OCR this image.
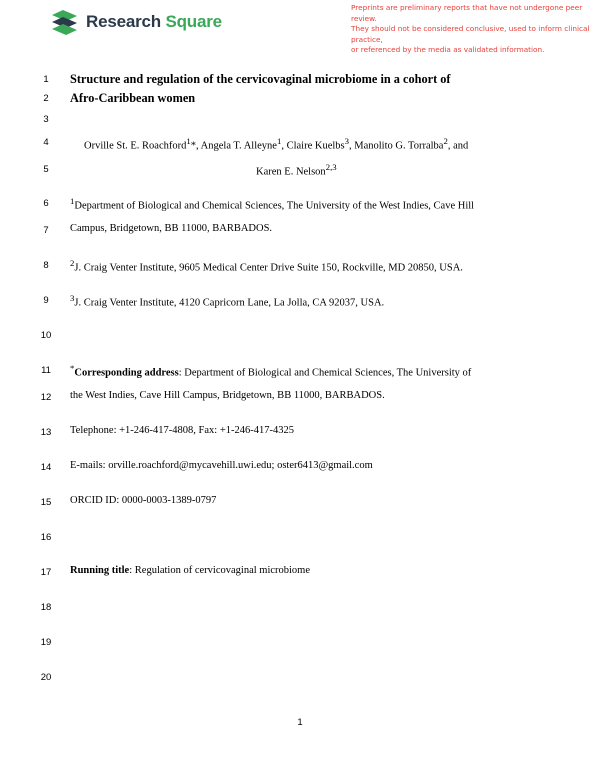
Research Square
Preprints are preliminary reports that have not undergone peer review.
They should not be considered conclusive, used to inform clinical practice,
or referenced by the media as validated information.
1
2
3
4
5
6
7
8
9
10
11
12
13
14
15
16
17
18
19
20
Structure and regulation of the cervicovaginal microbiome in a cohort of
Afro-Caribbean women
Orville St. E. Roachford$^1$*, Angela T. Alleyne$^1$, Claire Kuelbs$^3$, Manolito G. Torralba$^2$, and
Karen E. Nelson$^{2,3}$
$^1$Department of Biological and Chemical Sciences, The University of the West Indies, Cave Hill
Campus, Bridgetown, BB 11000, BARBADOS.
$^2$J. Craig Venter Institute, 9605 Medical Center Drive Suite 150, Rockville, MD 20850, USA.
$^3$J. Craig Venter Institute, 4120 Capricorn Lane, La Jolla, CA 92037, USA.
*Corresponding address: Department of Biological and Chemical Sciences, The University of
the West Indies, Cave Hill Campus, Bridgetown, BB 11000, BARBADOS.
Telephone: +1-246-417-4808, Fax: +1-246-417-4325
E-mails: orville.roachford@mycavehill.uwi.edu; oster6413@gmail.com
ORCID ID: 0000-0003-1389-0797
Running title: Regulation of cervicovaginal microbiome
1
